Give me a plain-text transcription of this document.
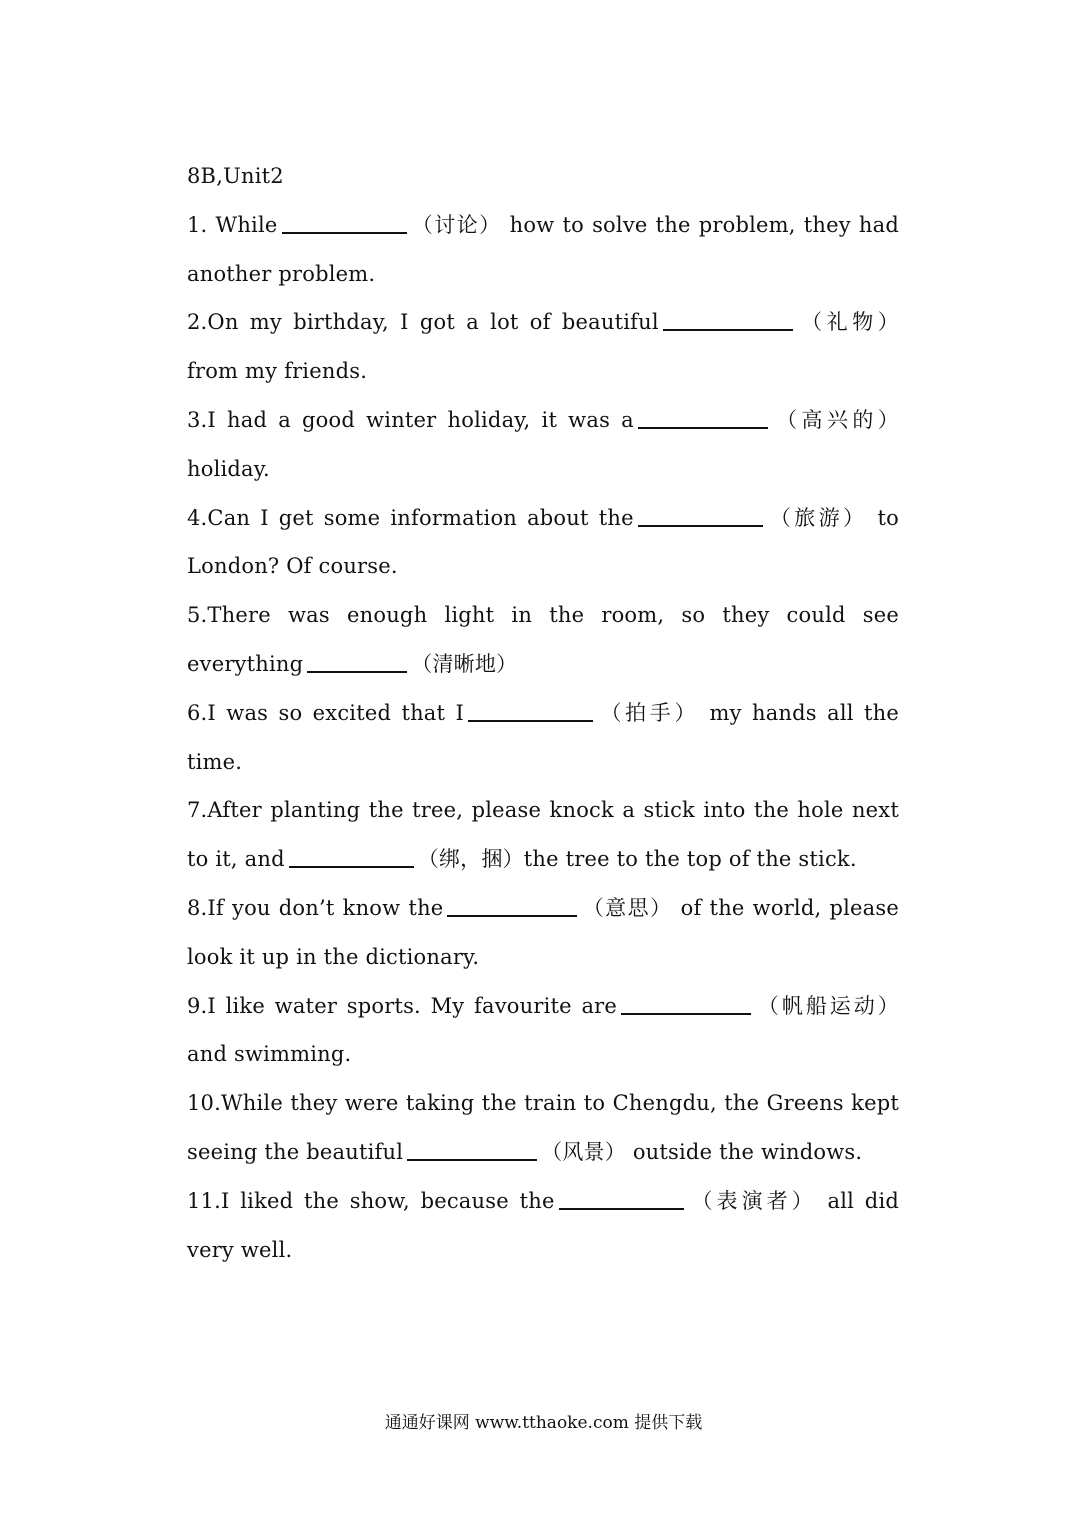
8B,Unit2

1. While	（讨论） how to solve the problem, they had another problem.

2.On my birthday, I got a lot of beautiful	（礼物） from my friends.

3.I had a good winter holiday, it was a	（高兴的） holiday.

4.Can I get some information about the	（旅游） to London? Of course.

5.There was enough light in the room, so they could see everything	（清晰地）

6.I was so excited that I	（拍手） my hands all the time.

7.After planting the tree, please knock a stick into the hole next to it, and	（绑，捆）the tree to the top of the stick.

8.If you don’t know the	（意思） of the world, please look it up in the dictionary.

9.I like water sports. My favourite are	（帆船运动）and swimming.

10.While they were taking the train to Chengdu, the Greens kept seeing the beautiful	（风景） outside the windows.

11.I liked the show, because the	（表演者） all did very well.

通通好课网 www.tthaoke.com 提供下载
